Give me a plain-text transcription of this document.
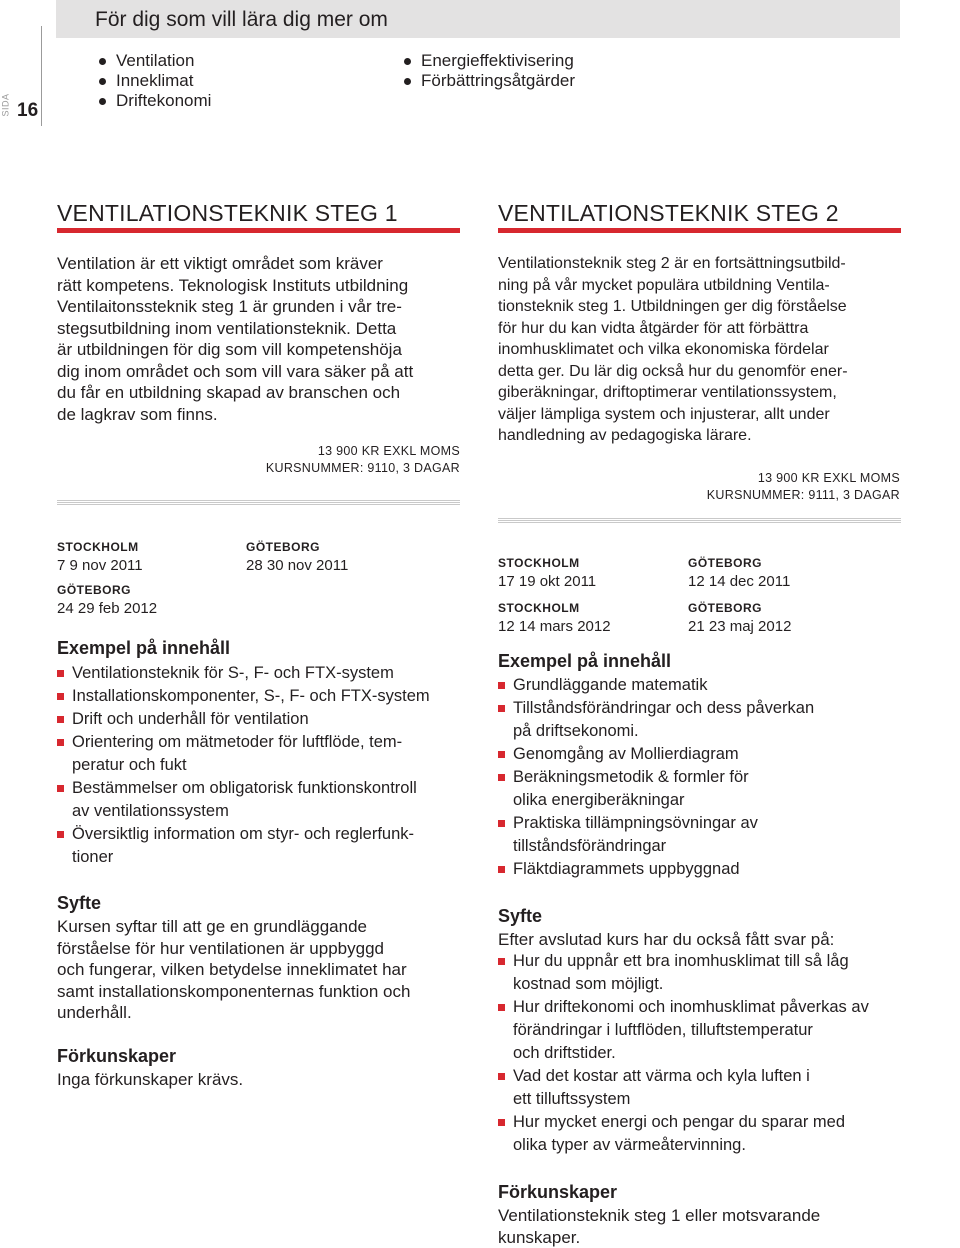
SIDA 16
För dig som vill lära dig mer om
Ventilation
Inneklimat
Driftekonomi
Energieffektivisering
Förbättringsåtgärder
VENTILATIONSTEKNIK STEG 1
Ventilation är ett viktigt området som kräver
rätt kompetens. Teknologisk Instituts utbildning
Ventilaitonssteknik steg 1 är grunden i vår tre-
stegsutbildning inom ventilationsteknik. Detta
är utbildningen för dig som vill kompetenshöja
dig inom området och som vill vara säker på att
du får en utbildning skapad av branschen och
de lagkrav som finns.
13 900 KR EXKL MOMS
KURSNUMMER: 9110, 3 DAGAR
STOCKHOLM
7 9 nov 2011
GÖTEBORG
28 30 nov 2011
GÖTEBORG
24 29 feb 2012
Exempel på innehåll
Ventilationsteknik för S-, F- och FTX-system
Installationskomponenter, S-, F- och FTX-system
Drift och underhåll för ventilation
Orientering om mätmetoder för luftflöde, tem-
peratur och fukt
Bestämmelser om obligatorisk funktionskontroll
av ventilationssystem
Översiktlig information om styr- och reglerfunk-
tioner
Syfte
Kursen syftar till att ge en grundläggande
förståelse för hur ventilationen är uppbyggd
och fungerar, vilken betydelse inneklimatet har
samt installationskomponenternas funktion och
underhåll.
Förkunskaper
Inga förkunskaper krävs.
VENTILATIONSTEKNIK STEG 2
Ventilationsteknik steg 2 är en fortsättningsutbild-
ning på vår mycket populära utbildning Ventila-
tionsteknik steg 1. Utbildningen ger dig förståelse
för hur du kan vidta åtgärder för att förbättra
inomhusklimatet och vilka ekonomiska fördelar
detta ger. Du lär dig också hur du genomför ener-
giberäkningar, driftoptimerar ventilationssystem,
väljer lämpliga system och injusterar, allt under
handledning av pedagogiska lärare.
13 900 KR EXKL MOMS
KURSNUMMER: 9111, 3 DAGAR
STOCKHOLM
17 19 okt 2011
GÖTEBORG
12 14 dec 2011
STOCKHOLM
12 14 mars 2012
GÖTEBORG
21 23 maj 2012
Exempel på innehåll
Grundläggande matematik
Tillståndsförändringar och dess påverkan
på driftsekonomi.
Genomgång av Mollierdiagram
Beräkningsmetodik & formler för
olika energiberäkningar
Praktiska tillämpningsövningar av
tillståndsförändringar
Fläktdiagrammets uppbyggnad
Syfte
Efter avslutad kurs har du också fått svar på:
Hur du uppnår ett bra inomhusklimat till så låg
kostnad som möjligt.
Hur driftekonomi och inomhusklimat påverkas av
förändringar i luftflöden, tilluftstemperatur
och driftstider.
Vad det kostar att värma och kyla luften i
ett tilluftssystem
Hur mycket energi och pengar du sparar med
olika typer av värmeåtervinning.
Förkunskaper
Ventilationsteknik steg 1 eller motsvarande
kunskaper.
